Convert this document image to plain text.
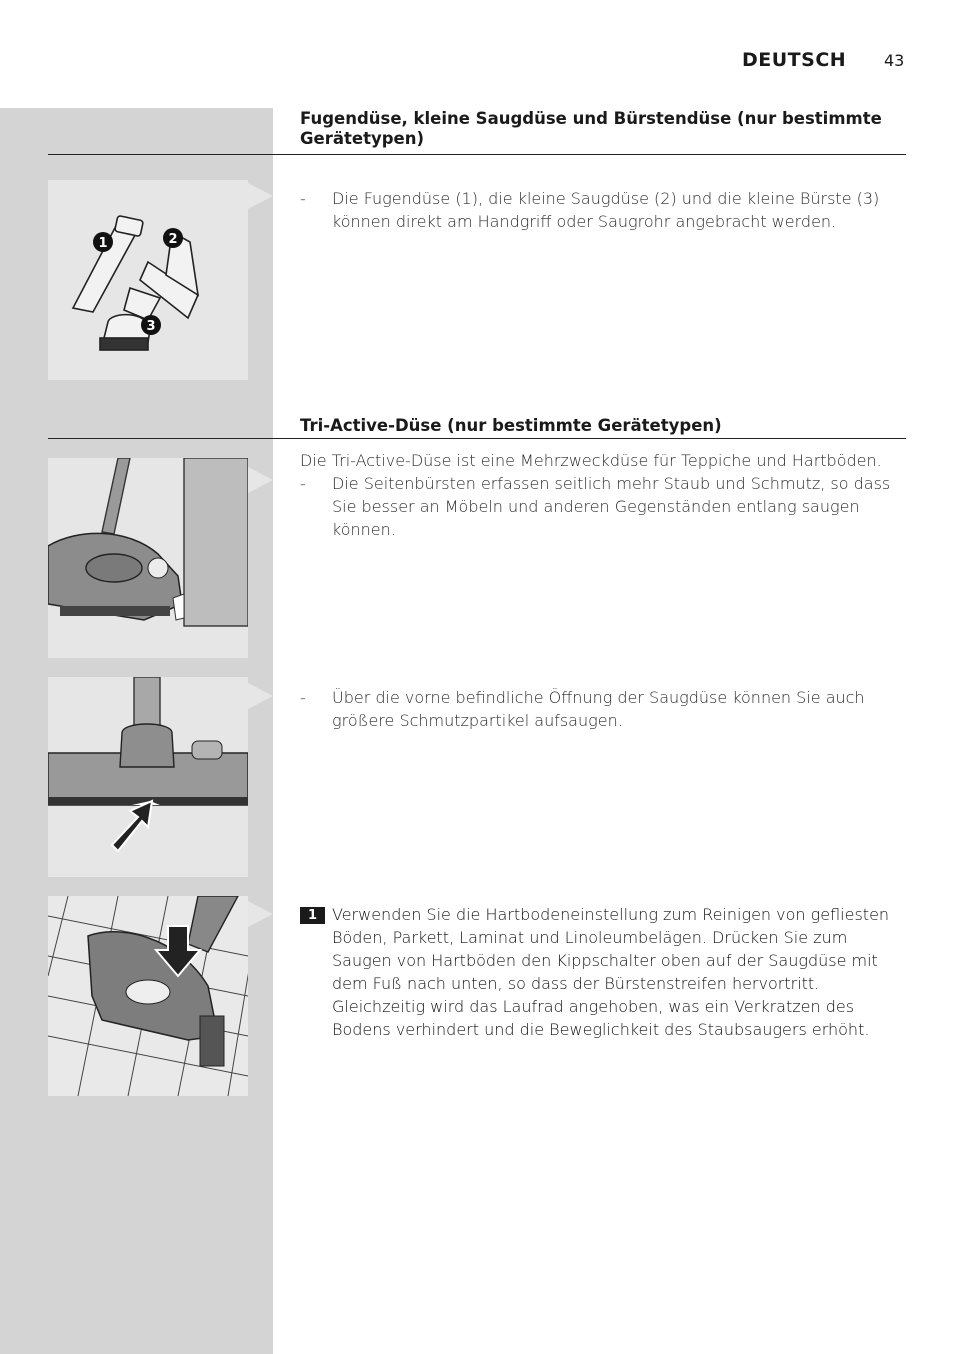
DEUTSCH 43
Fugendüse, kleine Saugdüse und Bürstendüse (nur bestimmte Gerätetypen)
1	2
3
- Die Fugendüse (1), die kleine Saugdüse (2) und die kleine Bürste (3) können direkt am Handgriff oder Saugrohr angebracht werden.
Tri-Active-Düse (nur bestimmte Gerätetypen)
Die Tri-Active-Düse ist eine Mehrzweckdüse für Teppiche und Hartböden.
- Die Seitenbürsten erfassen seitlich mehr Staub und Schmutz, so dass Sie besser an Möbeln und anderen Gegenständen entlang saugen können.
- Über die vorne befindliche Öffnung der Saugdüse können Sie auch größere Schmutzpartikel aufsaugen.
1 Verwenden Sie die Hartbodeneinstellung zum Reinigen von gefliesten Böden, Parkett, Laminat und Linoleumbelägen. Drücken Sie zum Saugen von Hartböden den Kippschalter oben auf der Saugdüse mit dem Fuß nach unten, so dass der Bürstenstreifen hervortritt. Gleichzeitig wird das Laufrad angehoben, was ein Verkratzen des Bodens verhindert und die Beweglichkeit des Staubsaugers erhöht.
